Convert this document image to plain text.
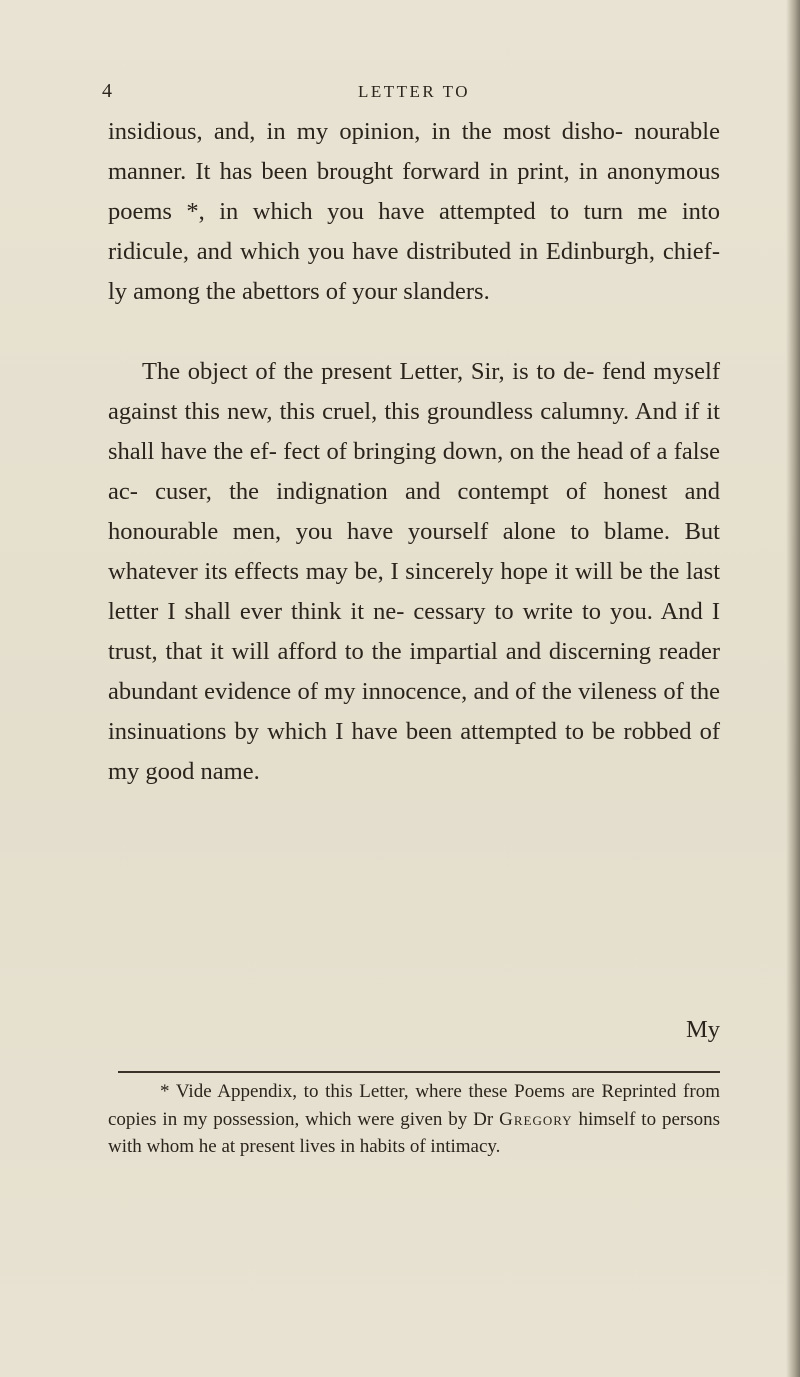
4	LETTER TO

insidious, and, in my opinion, in the most disho- nourable manner. It has been brought forward in print, in anonymous poems *, in which you have attempted to turn me into ridicule, and which you have distributed in Edinburgh, chief- ly among the abettors of your slanders.

The object of the present Letter, Sir, is to de- fend myself against this new, this cruel, this groundless calumny. And if it shall have the ef- fect of bringing down, on the head of a false ac- cuser, the indignation and contempt of honest and honourable men, you have yourself alone to blame. But whatever its effects may be, I sincerely hope it will be the last letter I shall ever think it ne- cessary to write to you. And I trust, that it will afford to the impartial and discerning reader abundant evidence of my innocence, and of the vileness of the insinuations by which I have been attempted to be robbed of my good name.

My
* Vide Appendix, to this Letter, where these Poems are Reprinted from copies in my possession, which were given by Dr Gregory himself to persons with whom he at present lives in habits of intimacy.
